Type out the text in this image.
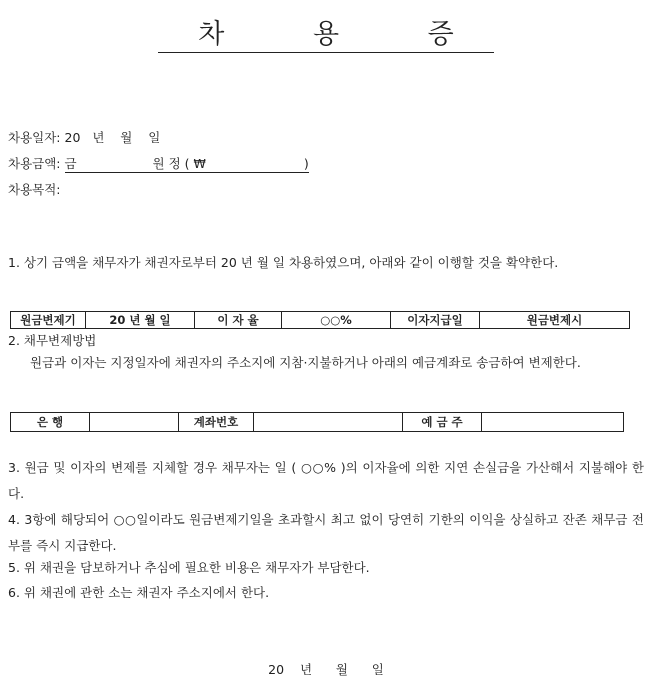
차 용 증
차용일자: 20   년    월    일
차용금액: 금	원 정 ( ₩	)
차용목적:
1. 상기 금액을 채무자가 채권자로부터 20 년 월 일 차용하였으며, 아래와 같이 이행할 것을 확약한다.
원금변제기	20 년 월 일	이 자 율	○○%	이자지급일	원금변제시
2. 채무변제방법
원금과 이자는 지정일자에 채권자의 주소지에 지참·지불하거나 아래의 예금계좌로 송금하여 변제한다.
은 행		계좌번호		예 금 주	
3. 원금 및 이자의 변제를 지체할 경우 채무자는 일 ( ○○% )의 이자율에 의한 지연 손실금을 가산해서 지불해야 한다.
4. 3항에 해당되어 ○○일이라도 원금변제기일을 초과할시 최고 없이 당연히 기한의 이익을 상실하고 잔존 채무금 전부를 즉시 지급한다.
5. 위 채권을 담보하거나 추심에 필요한 비용은 채무자가 부담한다.
6. 위 채권에 관한 소는 채권자 주소지에서 한다.
20    년      월      일
